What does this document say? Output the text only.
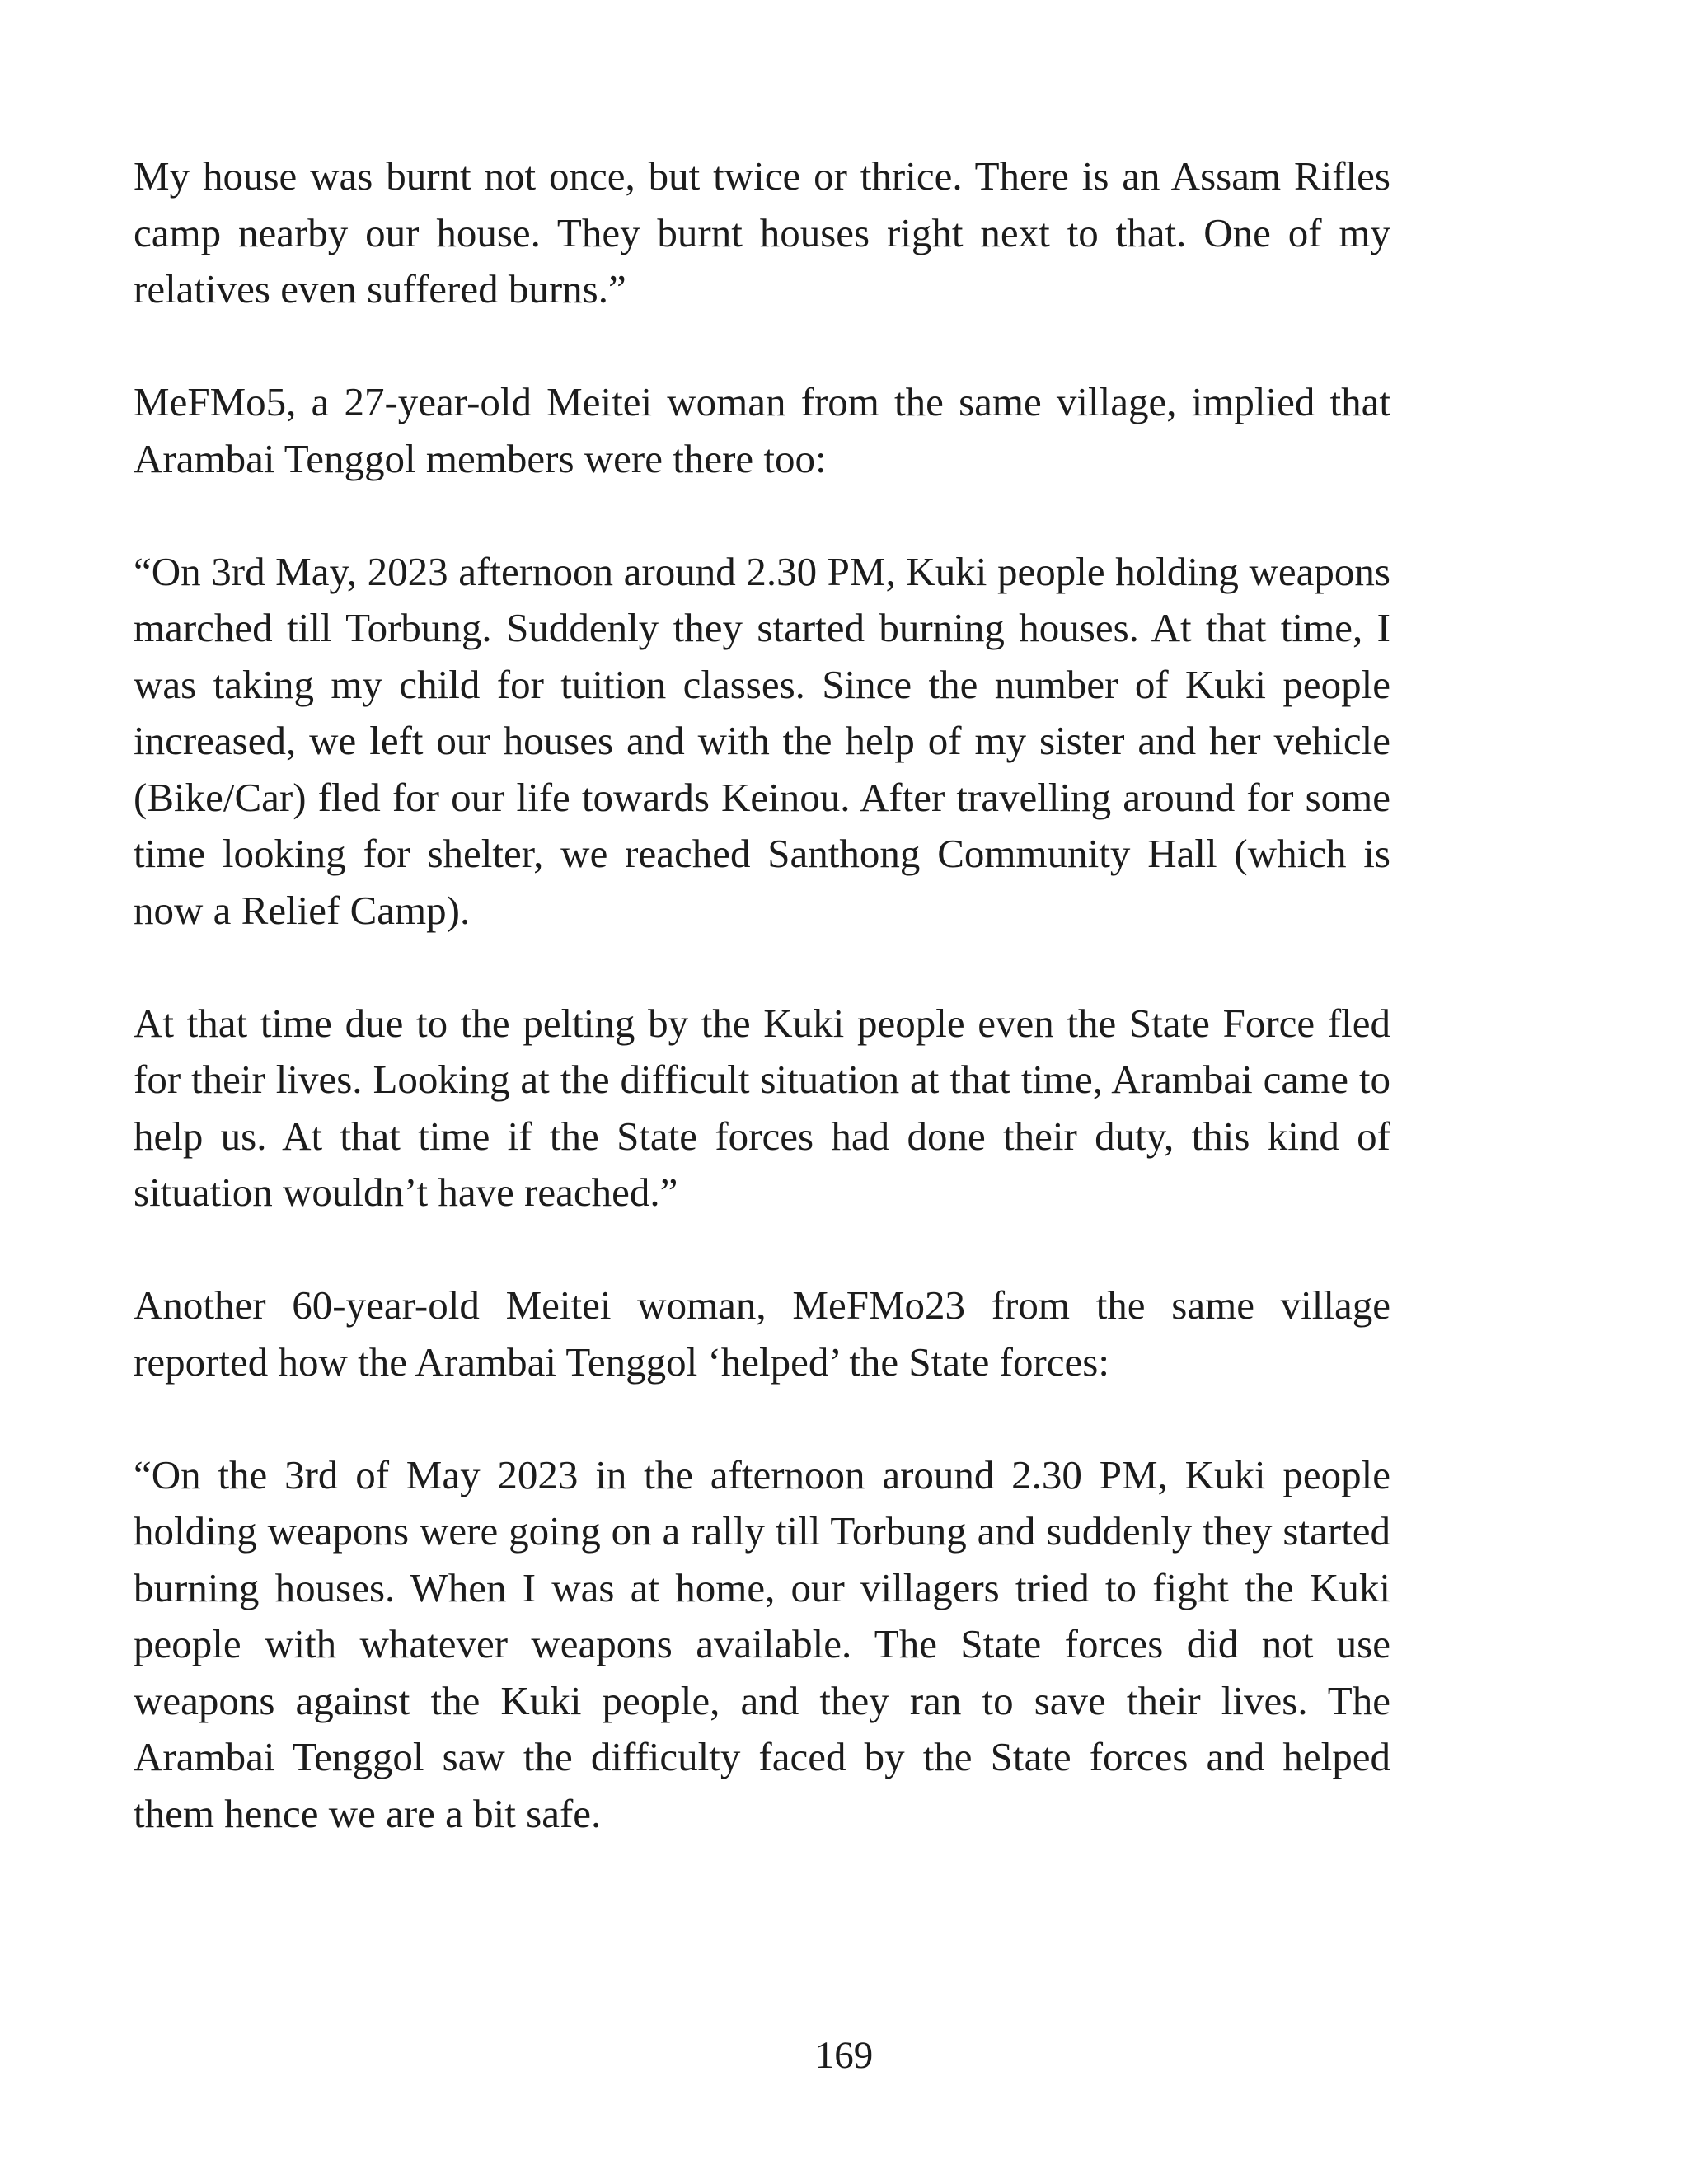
My house was burnt not once, but twice or thrice. There is an Assam Rifles camp nearby our house. They burnt houses right next to that. One of my relatives even suffered burns.”

MeFMo5, a 27-year-old Meitei woman from the same village, implied that Arambai Tenggol members were there too:

“On 3rd May, 2023 afternoon around 2.30 PM, Kuki people holding weapons marched till Torbung. Suddenly they started burning houses. At that time, I was taking my child for tuition classes. Since the number of Kuki people increased, we left our houses and with the help of my sister and her vehicle (Bike/Car) fled for our life towards Keinou. After travelling around for some time looking for shelter, we reached Santhong Community Hall (which is now a Relief Camp).

At that time due to the pelting by the Kuki people even the State Force fled for their lives. Looking at the difficult situation at that time, Arambai came to help us. At that time if the State forces had done their duty, this kind of situation wouldn’t have reached.”

Another 60-year-old Meitei woman, MeFMo23 from the same village reported how the Arambai Tenggol ‘helped’ the State forces:

“On the 3rd of May 2023 in the afternoon around 2.30 PM, Kuki people holding weapons were going on a rally till Torbung and suddenly they started burning houses. When I was at home, our villagers tried to fight the Kuki people with whatever weapons available. The State forces did not use weapons against the Kuki people, and they ran to save their lives. The Arambai Tenggol saw the difficulty faced by the State forces and helped them hence we are a bit safe.

169
